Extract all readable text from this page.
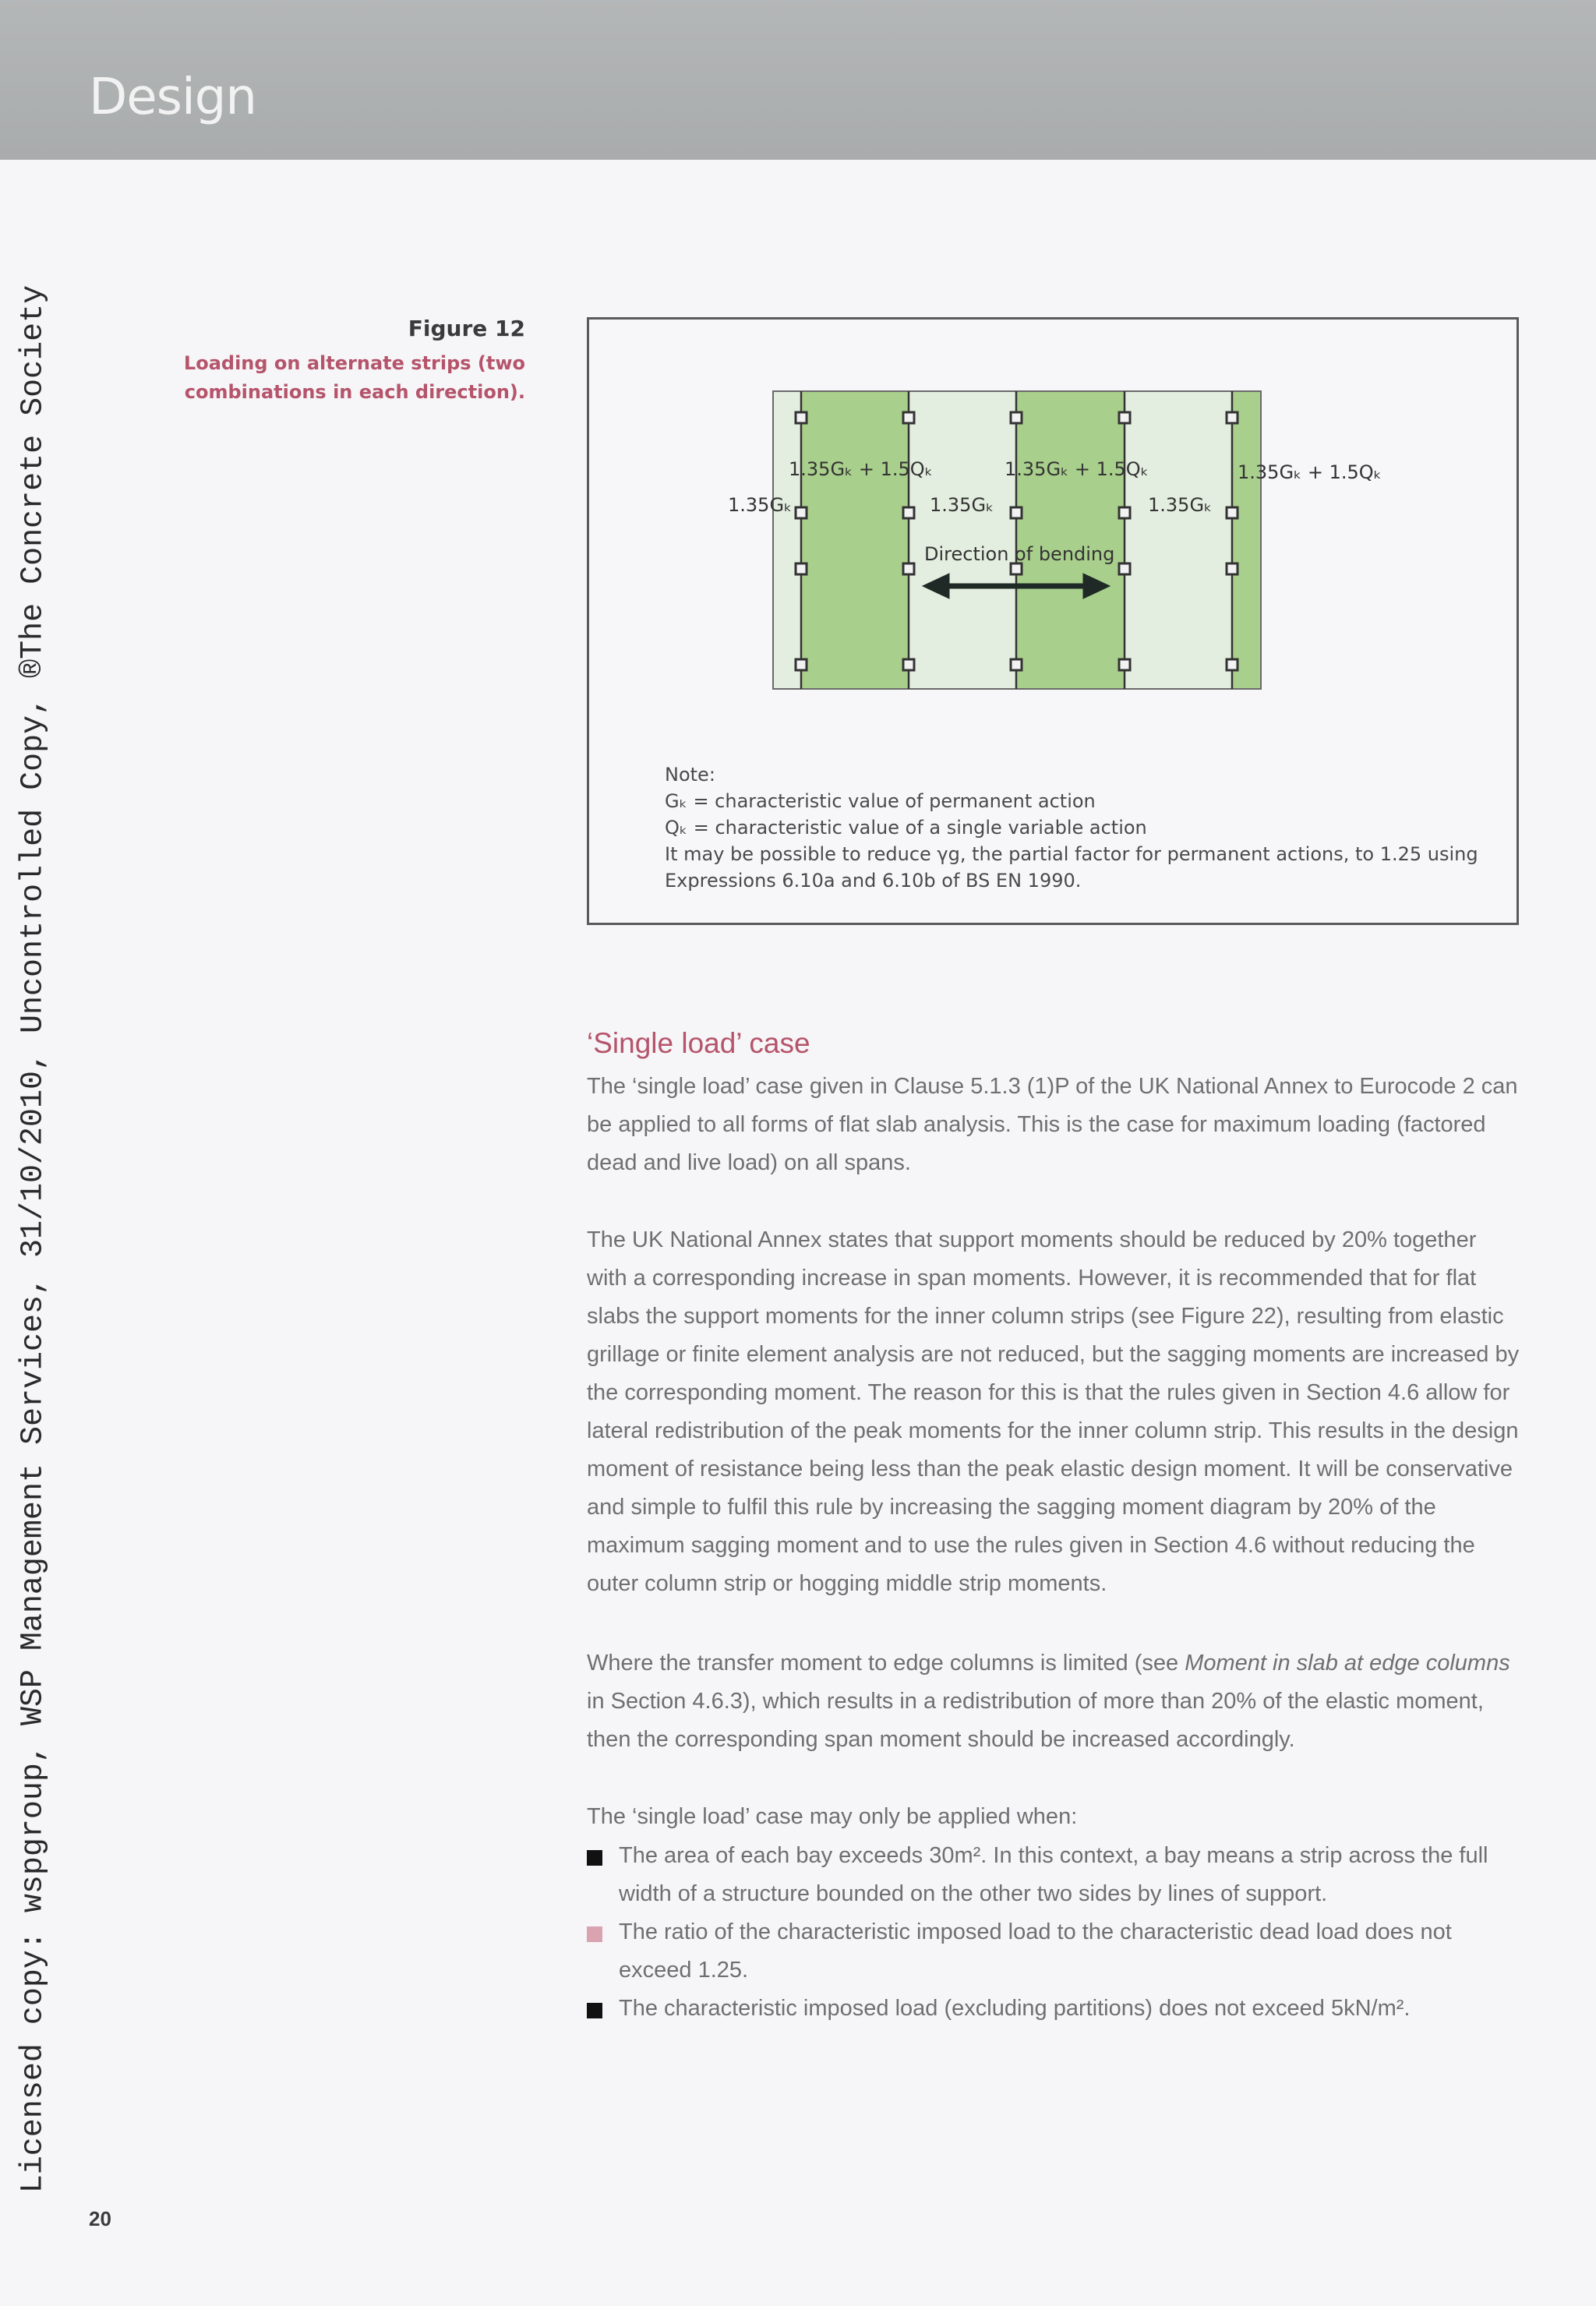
Design
Licensed copy: wspgroup, WSP Management Services, 31/10/2010, Uncontrolled Copy, ®The Concrete Society	Figure 12
Loading on alternate strips (two combinations in each direction).
1.35Gₖ + 1.5Qₖ	1.35Gₖ + 1.5Qₖ	1.35Gₖ + 1.5Qₖ
1.35Gₖ	1.35Gₖ	1.35Gₖ
Direction of bending
Note:
Gₖ = characteristic value of permanent action
Qₖ = characteristic value of a single variable action
It may be possible to reduce γg, the partial factor for permanent actions, to 1.25 using
Expressions 6.10a and 6.10b of BS EN 1990.
‘Single load’ case
The ‘single load’ case given in Clause 5.1.3 (1)P of the UK National Annex to Eurocode 2 can be applied to all forms of flat slab analysis. This is the case for maximum loading (factored dead and live load) on all spans.
The UK National Annex states that support moments should be reduced by 20% together with a corresponding increase in span moments. However, it is recommended that for flat slabs the support moments for the inner column strips (see Figure 22), resulting from elastic grillage or finite element analysis are not reduced, but the sagging moments are increased by the corresponding moment. The reason for this is that the rules given in Section 4.6 allow for lateral redistribution of the peak moments for the inner column strip. This results in the design moment of resistance being less than the peak elastic design moment. It will be conservative and simple to fulfil this rule by increasing the sagging moment diagram by 20% of the maximum sagging moment and to use the rules given in Section 4.6 without reducing the outer column strip or hogging middle strip moments.
Where the transfer moment to edge columns is limited (see Moment in slab at edge columns in Section 4.6.3), which results in a redistribution of more than 20% of the elastic moment, then the corresponding span moment should be increased accordingly.
The ‘single load’ case may only be applied when:
The area of each bay exceeds 30m². In this context, a bay means a strip across the full width of a structure bounded on the other two sides by lines of support.
The ratio of the characteristic imposed load to the characteristic dead load does not exceed 1.25.
The characteristic imposed load (excluding partitions) does not exceed 5kN/m².
20
